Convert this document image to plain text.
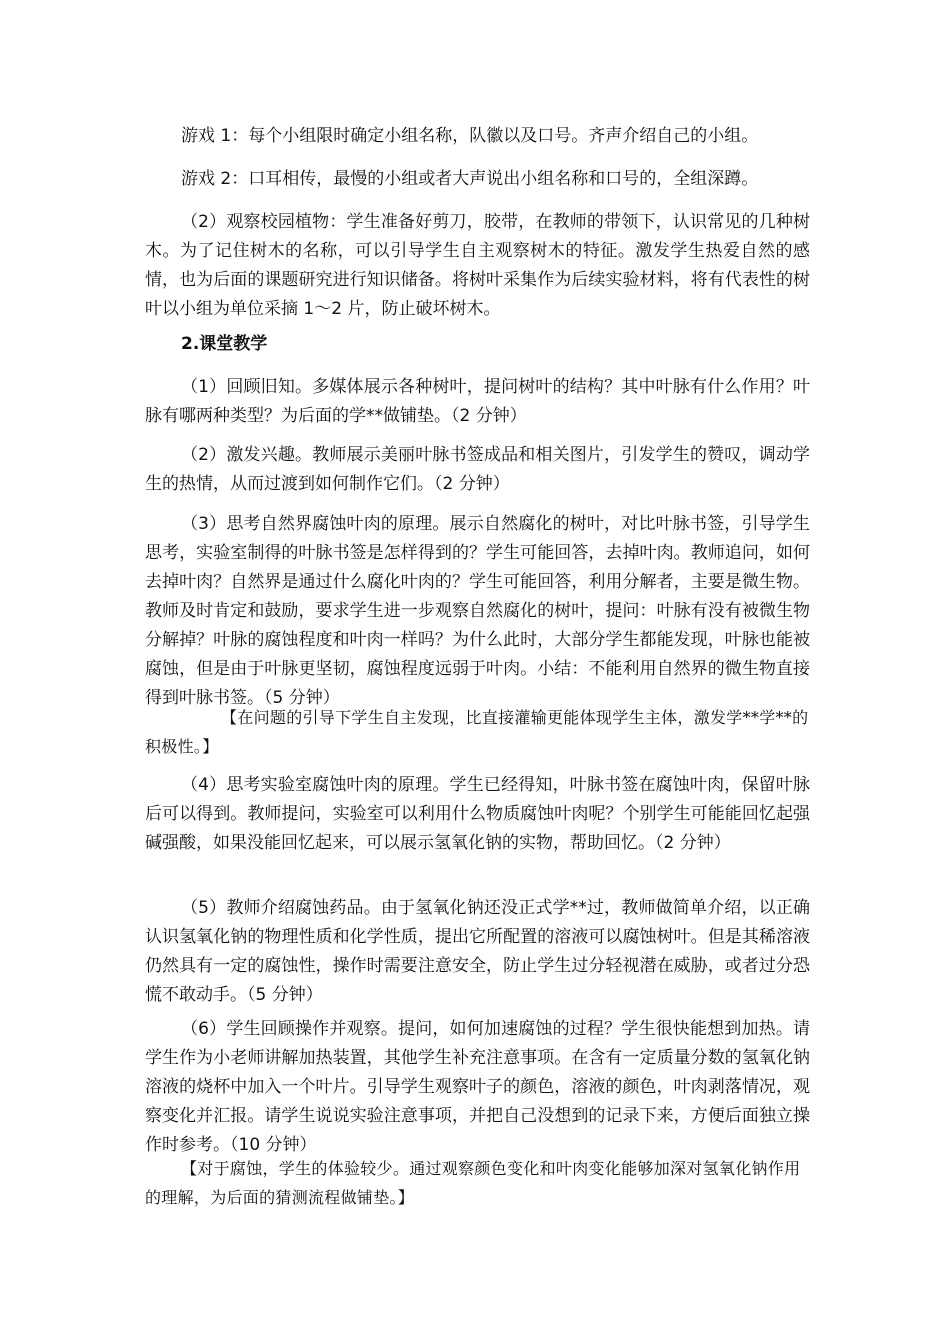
游戏 1：每个小组限时确定小组名称，队徽以及口号。齐声介绍自己的小组。

游戏 2：口耳相传，最慢的小组或者大声说出小组名称和口号的，全组深蹲。

（2）观察校园植物：学生准备好剪刀，胶带，在教师的带领下，认识常见的几种树木。为了记住树木的名称，可以引导学生自主观察树木的特征。激发学生热爱自然的感情，也为后面的课题研究进行知识储备。将树叶采集作为后续实验材料，将有代表性的树叶以小组为单位采摘 1～2 片，防止破坏树木。

2.课堂教学

（1）回顾旧知。多媒体展示各种树叶，提问树叶的结构？其中叶脉有什么作用？叶脉有哪两种类型？为后面的学**做铺垫。（2 分钟）

（2）激发兴趣。教师展示美丽叶脉书签成品和相关图片，引发学生的赞叹，调动学生的热情，从而过渡到如何制作它们。（2 分钟）

（3）思考自然界腐蚀叶肉的原理。展示自然腐化的树叶，对比叶脉书签，引导学生思考，实验室制得的叶脉书签是怎样得到的？学生可能回答，去掉叶肉。教师追问，如何去掉叶肉？自然界是通过什么腐化叶肉的？学生可能回答，利用分解者，主要是微生物。教师及时肯定和鼓励，要求学生进一步观察自然腐化的树叶，提问：叶脉有没有被微生物分解掉？叶脉的腐蚀程度和叶肉一样吗？为什么此时，大部分学生都能发现，叶脉也能被腐蚀，但是由于叶脉更坚韧，腐蚀程度远弱于叶肉。小结：不能利用自然界的微生物直接得到叶脉书签。（5 分钟）

【在问题的引导下学生自主发现，比直接灌输更能体现学生主体，激发学**学**的积极性。】

（4）思考实验室腐蚀叶肉的原理。学生已经得知，叶脉书签在腐蚀叶肉，保留叶脉后可以得到。教师提问，实验室可以利用什么物质腐蚀叶肉呢？个别学生可能能回忆起强碱强酸，如果没能回忆起来，可以展示氢氧化钠的实物，帮助回忆。（2 分钟）

（5）教师介绍腐蚀药品。由于氢氧化钠还没正式学**过，教师做简单介绍，以正确认识氢氧化钠的物理性质和化学性质，提出它所配置的溶液可以腐蚀树叶。但是其稀溶液仍然具有一定的腐蚀性，操作时需要注意安全，防止学生过分轻视潜在威胁，或者过分恐慌不敢动手。（5 分钟）

（6）学生回顾操作并观察。提问，如何加速腐蚀的过程？学生很快能想到加热。请学生作为小老师讲解加热装置，其他学生补充注意事项。在含有一定质量分数的氢氧化钠溶液的烧杯中加入一个叶片。引导学生观察叶子的颜色，溶液的颜色，叶肉剥落情况，观察变化并汇报。请学生说说实验注意事项，并把自己没想到的记录下来，方便后面独立操作时参考。（10 分钟）

【对于腐蚀，学生的体验较少。通过观察颜色变化和叶肉变化能够加深对氢氧化钠作用的理解，为后面的猜测流程做铺垫。】
